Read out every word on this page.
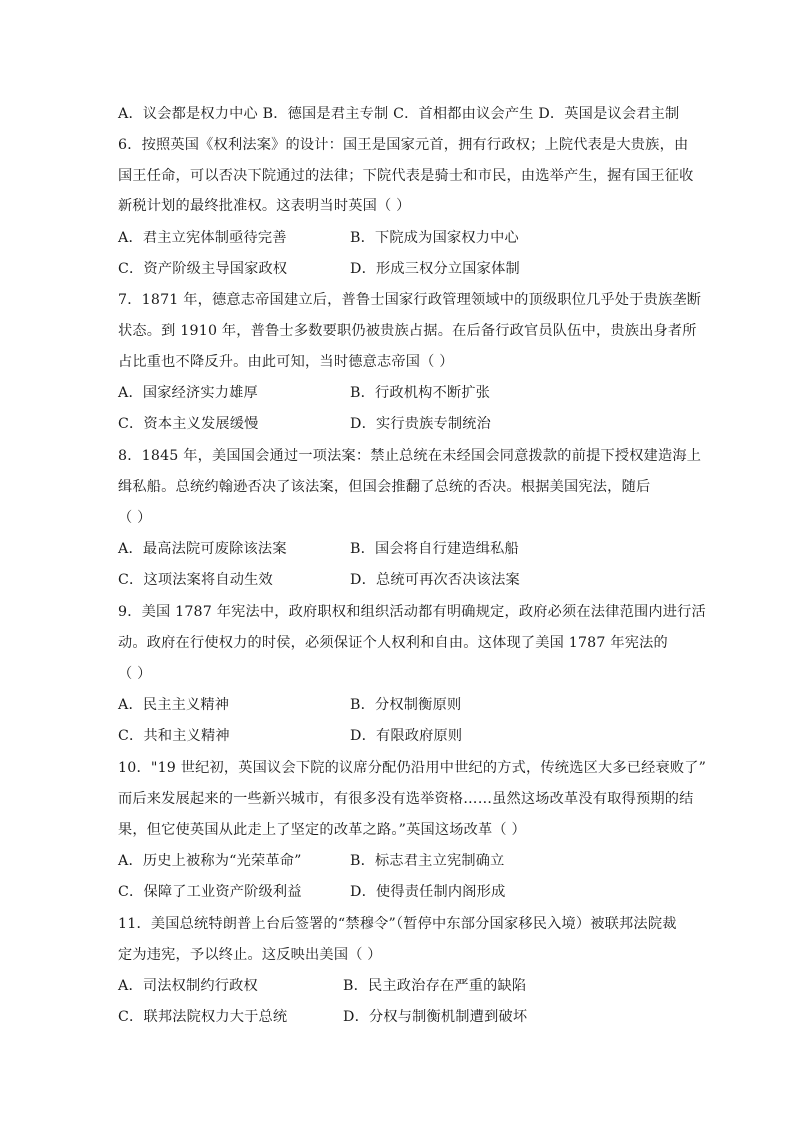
A．议会都是权力中心 B．德国是君主专制 C．首相都由议会产生 D．英国是议会君主制
6．按照英国《权利法案》的设计：国王是国家元首，拥有行政权；上院代表是大贵族，由
国王任命，可以否决下院通过的法律；下院代表是骑士和市民，由选举产生，握有国王征收
新税计划的最终批准权。这表明当时英国（ ）
A．君主立宪体制亟待完善	B．下院成为国家权力中心
C．资产阶级主导国家政权	D．形成三权分立国家体制
7．1871 年，德意志帝国建立后，普鲁士国家行政管理领域中的顶级职位几乎处于贵族垄断
状态。到 1910 年，普鲁士多数要职仍被贵族占据。在后备行政官员队伍中，贵族出身者所
占比重也不降反升。由此可知，当时德意志帝国（ ）
A．国家经济实力雄厚	B．行政机构不断扩张
C．资本主义发展缓慢	D．实行贵族专制统治
8．1845 年，美国国会通过一项法案：禁止总统在未经国会同意拨款的前提下授权建造海上
缉私船。总统约翰逊否决了该法案，但国会推翻了总统的否决。根据美国宪法，随后
（ ）
A．最高法院可废除该法案	B．国会将自行建造缉私船
C．这项法案将自动生效	D．总统可再次否决该法案
9．美国 1787 年宪法中，政府职权和组织活动都有明确规定，政府必须在法律范围内进行活
动。政府在行使权力的时侯，必须保证个人权利和自由。这体现了美国 1787 年宪法的
（ ）
A．民主主义精神	B．分权制衡原则
C．共和主义精神	D．有限政府原则
10．"19 世纪初，英国议会下院的议席分配仍沿用中世纪的方式，传统选区大多已经衰败了”
而后来发展起来的一些新兴城市，有很多没有选举资格……虽然这场改革没有取得预期的结
果，但它使英国从此走上了坚定的改革之路。”英国这场改革（ ）
A．历史上被称为“光荣革命”	B．标志君主立宪制确立
C．保障了工业资产阶级利益	D．使得责任制内阁形成
11．美国总统特朗普上台后签署的“禁穆令”（暂停中东部分国家移民入境）被联邦法院裁
定为违宪，予以终止。这反映出美国（ ）
A．司法权制约行政权	B．民主政治存在严重的缺陷
C．联邦法院权力大于总统	D．分权与制衡机制遭到破坏
